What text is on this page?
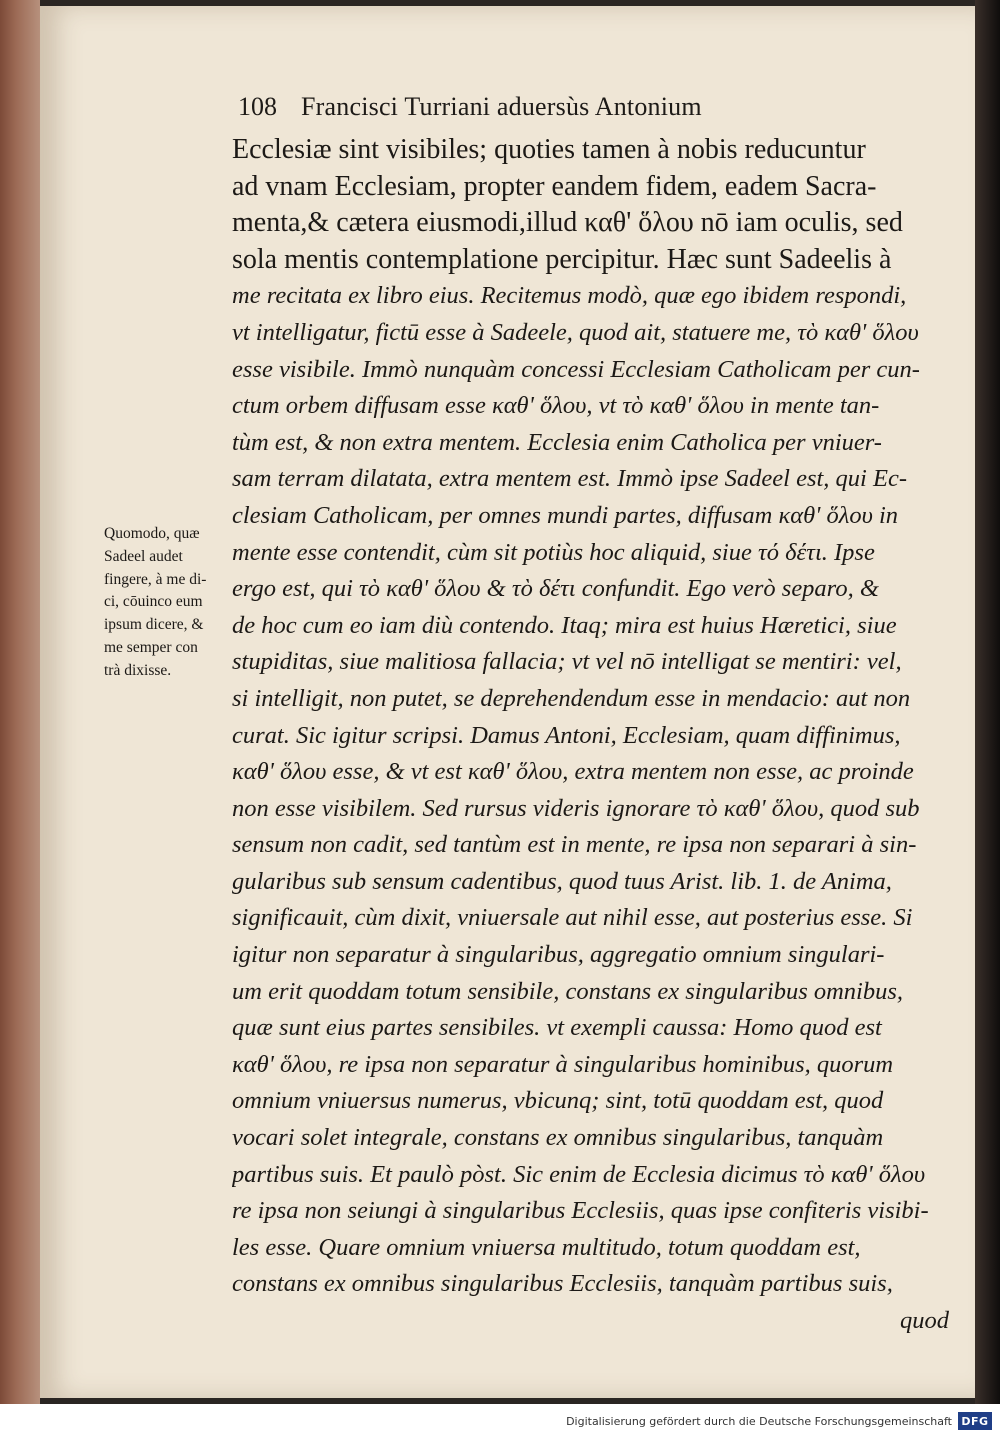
108 Francisci Turriani aduersùs Antonium
Ecclesiæ sint visibiles; quoties tamen à nobis reducuntur
ad vnam Ecclesiam, propter eandem fidem, eadem Sacra-
menta,& cætera eiusmodi,illud καθ' ὅλου nō iam oculis, sed
sola mentis contemplatione percipitur. Hæc sunt Sadeelis à
me recitata ex libro eius. Recitemus modò, quæ ego ibidem respondi,
vt intelligatur, fictū esse à Sadeele, quod ait, statuere me, τὸ καθ' ὅλου
esse visibile. Immò nunquàm concessi Ecclesiam Catholicam per cun-
ctum orbem diffusam esse καθ' ὅλου, vt τὸ καθ' ὅλου in mente tan-
tùm est, & non extra mentem. Ecclesia enim Catholica per vniuer-
sam terram dilatata, extra mentem est. Immò ipse Sadeel est, qui Ec-
clesiam Catholicam, per omnes mundi partes, diffusam καθ' ὅλου in
mente esse contendit, cùm sit potiùs hoc aliquid, siue τό δέτι. Ipse
ergo est, qui τὸ καθ' ὅλου & τὸ δέτι confundit. Ego verò separo, &
de hoc cum eo iam diù contendo. Itaq; mira est huius Hæretici, siue
stupiditas, siue malitiosa fallacia; vt vel nō intelligat se mentiri: vel,
si intelligit, non putet, se deprehendendum esse in mendacio: aut non
curat. Sic igitur scripsi. Damus Antoni, Ecclesiam, quam diffinimus,
καθ' ὅλου esse, & vt est καθ' ὅλου, extra mentem non esse, ac proinde
non esse visibilem. Sed rursus videris ignorare τὸ καθ' ὅλου, quod sub
sensum non cadit, sed tantùm est in mente, re ipsa non separari à sin-
gularibus sub sensum cadentibus, quod tuus Arist. lib. 1. de Anima,
significauit, cùm dixit, vniuersale aut nihil esse, aut posterius esse. Si
igitur non separatur à singularibus, aggregatio omnium singulari-
um erit quoddam totum sensibile, constans ex singularibus omnibus,
quæ sunt eius partes sensibiles. vt exempli caussa: Homo quod est
καθ' ὅλου, re ipsa non separatur à singularibus hominibus, quorum
omnium vniuersus numerus, vbicunq; sint, totū quoddam est, quod
vocari solet integrale, constans ex omnibus singularibus, tanquàm
partibus suis. Et paulò pòst. Sic enim de Ecclesia dicimus τὸ καθ' ὅλου
re ipsa non seiungi à singularibus Ecclesiis, quas ipse confiteris visibi-
les esse. Quare omnium vniuersa multitudo, totum quoddam est,
constans ex omnibus singularibus Ecclesiis, tanquàm partibus suis,
quod
Quomodo, quæ
Sadeel audet
fingere, à me di-
ci, cōuinco eum
ipsum dicere, &
me semper con
trà dixisse.
Digitalisierung gefördert durch die Deutsche Forschungsgemeinschaft DFG
